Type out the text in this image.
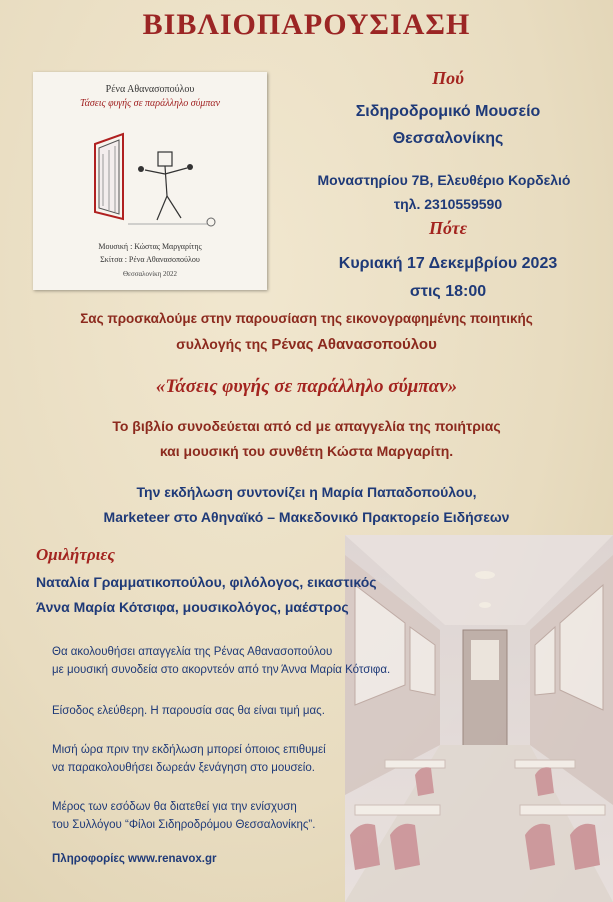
ΒΙΒΛΙΟΠΑΡΟΥΣΙΑΣΗ
Ρένα Αθανασοπούλου
Τάσεις φυγής σε παράλληλο σύμπαν
Μουσική : Κώστας Μαργαρίτης
Σκίτσα : Ρένα Αθανασοπούλου
Θεσσαλονίκη 2022
Πού
Σιδηροδρομικό Μουσείο
Θεσσαλονίκης
Μοναστηρίου 7Β, Ελευθέριο Κορδελιό
τηλ. 2310559590
Πότε
Κυριακή 17 Δεκεμβρίου 2023
στις 18:00
Σας προσκαλούμε στην παρουσίαση της εικονογραφημένης ποιητικής
συλλογής της Ρένας Αθανασοπούλου
«Τάσεις φυγής σε παράλληλο σύμπαν»
Το βιβλίο συνοδεύεται από cd με απαγγελία της ποιήτριας
και μουσική του συνθέτη Κώστα Μαργαρίτη.
Την εκδήλωση συντονίζει η Μαρία Παπαδοπούλου,
Marketeer στο Αθηναϊκό – Μακεδονικό Πρακτορείο Ειδήσεων
Ομιλήτριες
Ναταλία Γραμματικοπούλου, φιλόλογος, εικαστικός
Άννα Μαρία Κότσιφα, μουσικολόγος, μαέστρος
Θα ακολουθήσει απαγγελία της Ρένας Αθανασοπούλου
με μουσική συνοδεία στο ακορντεόν από την Άννα Μαρία Κότσιφα.
Είσοδος ελεύθερη. Η παρουσία σας θα είναι τιμή μας.
Μισή ώρα πριν την εκδήλωση μπορεί όποιος επιθυμεί
να παρακολουθήσει δωρεάν ξενάγηση στο μουσείο.
Μέρος των εσόδων θα διατεθεί για την ενίσχυση
του Συλλόγου “Φίλοι Σιδηροδρόμου Θεσσαλονίκης”.
Πληροφορίες www.renavox.gr
